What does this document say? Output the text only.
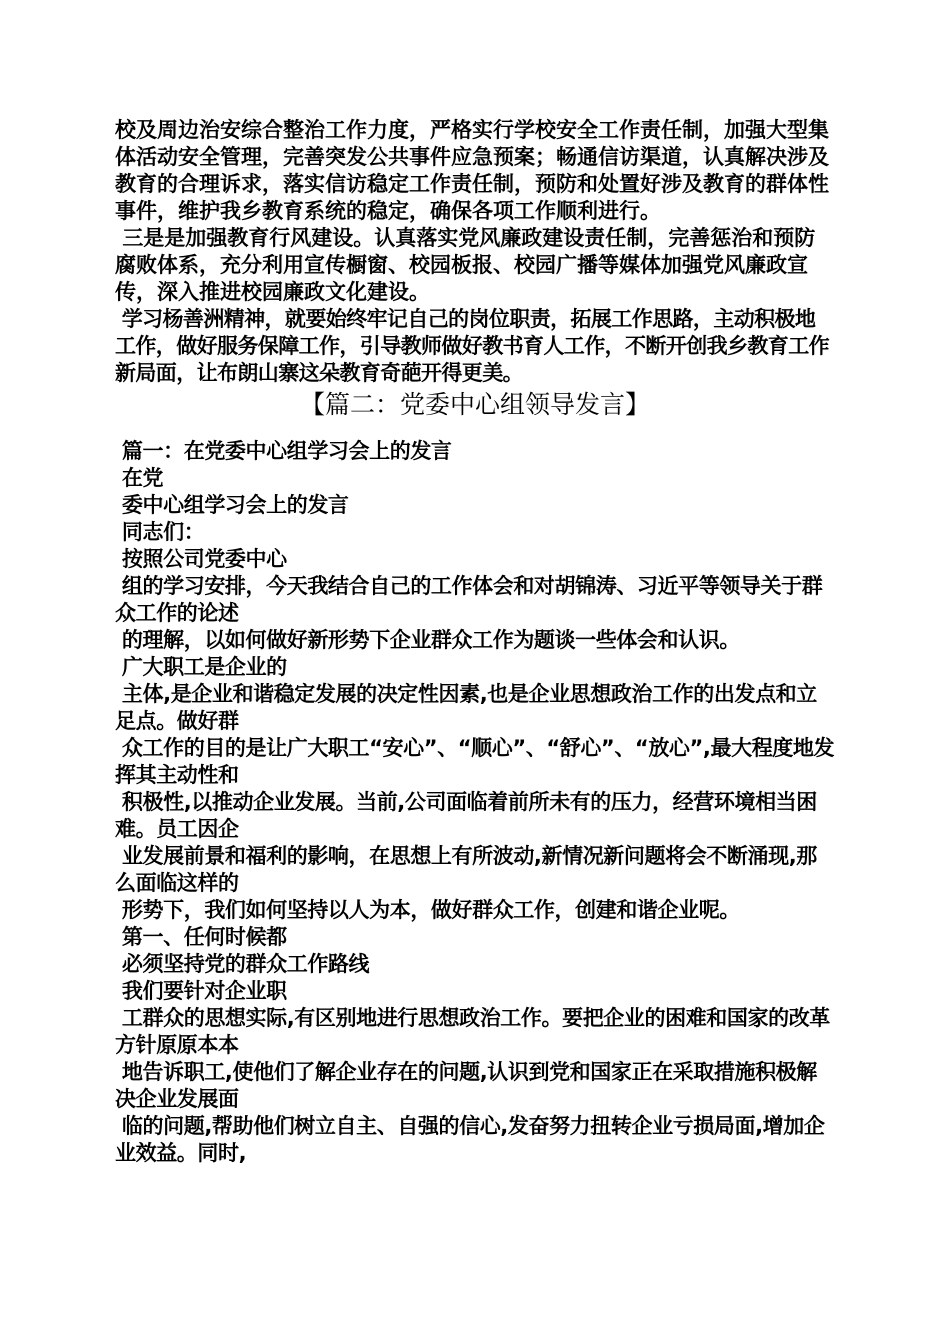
校及周边治安综合整治工作力度，严格实行学校安全工作责任制，加强大型集体活动安全管理，完善突发公共事件应急预案；畅通信访渠道，认真解决涉及教育的合理诉求，落实信访稳定工作责任制，预防和处置好涉及教育的群体性事件，维护我乡教育系统的稳定，确保各项工作顺利进行。

三是是加强教育行风建设。认真落实党风廉政建设责任制，完善惩治和预防腐败体系，充分利用宣传橱窗、校园板报、校园广播等媒体加强党风廉政宣传，深入推进校园廉政文化建设。

学习杨善洲精神，就要始终牢记自己的岗位职责，拓展工作思路，主动积极地工作，做好服务保障工作，引导教师做好教书育人工作，不断开创我乡教育工作新局面，让布朗山寨这朵教育奇葩开得更美。

【篇二：党委中心组领导发言】

篇一：在党委中心组学习会上的发言

在党

委中心组学习会上的发言

同志们：

按照公司党委中心

组的学习安排，今天我结合自己的工作体会和对胡锦涛、习近平等领导关于群众工作的论述

的理解，以如何做好新形势下企业群众工作为题谈一些体会和认识。

广大职工是企业的

主体,是企业和谐稳定发展的决定性因素,也是企业思想政治工作的出发点和立足点。做好群

众工作的目的是让广大职工“安心”、“顺心”、“舒心”、“放心”,最大程度地发挥其主动性和

积极性,以推动企业发展。当前,公司面临着前所未有的压力，经营环境相当困难。员工因企

业发展前景和福利的影响，在思想上有所波动,新情况新问题将会不断涌现,那么面临这样的

形势下，我们如何坚持以人为本，做好群众工作，创建和谐企业呢。

第一、任何时候都

必须坚持党的群众工作路线

我们要针对企业职

工群众的思想实际,有区别地进行思想政治工作。要把企业的困难和国家的改革方针原原本本

地告诉职工,使他们了解企业存在的问题,认识到党和国家正在采取措施积极解决企业发展面

临的问题,帮助他们树立自主、自强的信心,发奋努力扭转企业亏损局面,增加企业效益。同时,
